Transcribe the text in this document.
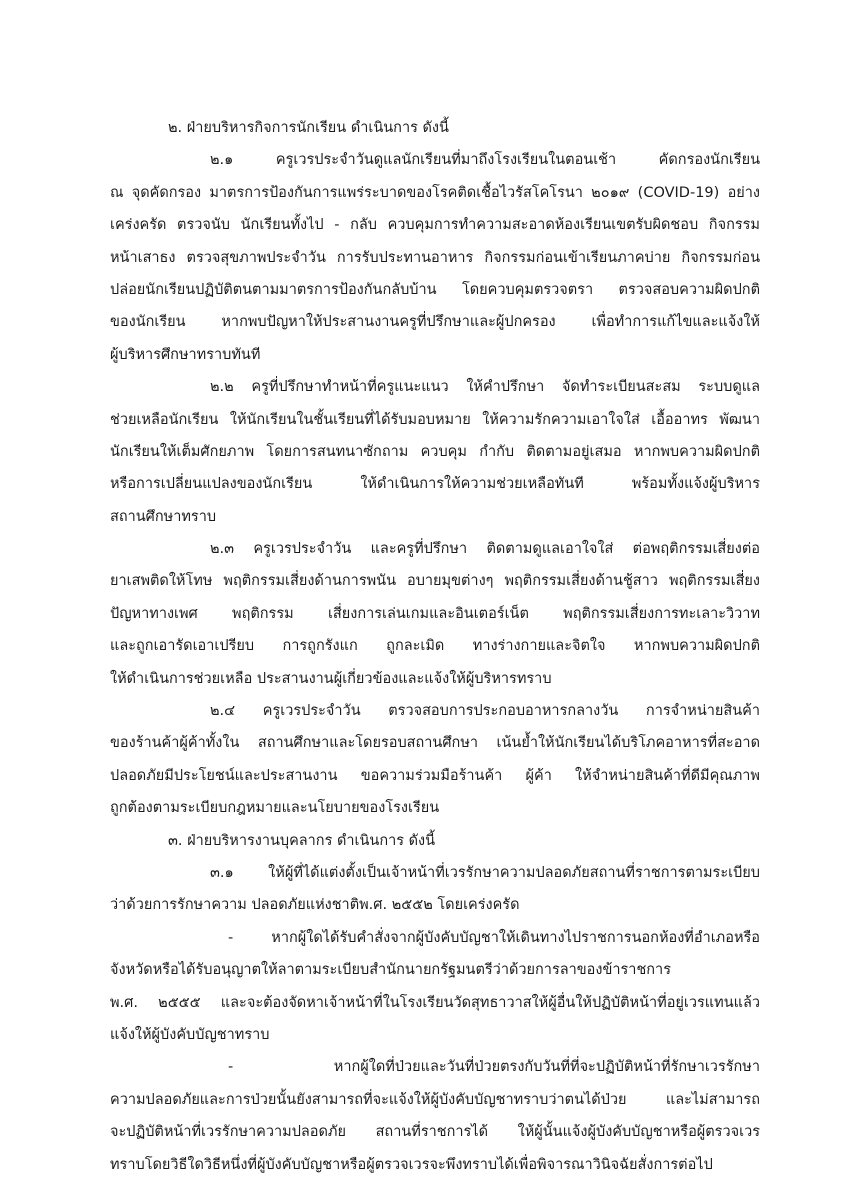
๒. ฝ่ายบริหารกิจการนักเรียน ดำเนินการ ดังนี้
๒.๑ ครูเวรประจำวันดูแลนักเรียนที่มาถึงโรงเรียนในตอนเช้า คัดกรองนักเรียน
ณ จุดคัดกรอง มาตรการป้องกันการแพร่ระบาดของโรคติดเชื้อไวรัสโคโรนา ๒๐๑๙ (COVID-19) อย่าง
เคร่งครัด ตรวจนับ นักเรียนทั้งไป - กลับ ควบคุมการทำความสะอาดห้องเรียนเขตรับผิดชอบ กิจกรรม
หน้าเสาธง ตรวจสุขภาพประจำวัน การรับประทานอาหาร กิจกรรมก่อนเข้าเรียนภาคบ่าย กิจกรรมก่อน
ปล่อยนักเรียนปฏิบัติตนตามมาตรการป้องกันกลับบ้าน โดยควบคุมตรวจตรา ตรวจสอบความผิดปกติ
ของนักเรียน หากพบปัญหาให้ประสานงานครูที่ปรึกษาและผู้ปกครอง เพื่อทำการแก้ไขและแจ้งให้
ผู้บริหารศึกษาทราบทันที
๒.๒ ครูที่ปรึกษาทำหน้าที่ครูแนะแนว ให้คำปรึกษา จัดทำระเบียนสะสม ระบบดูแล
ช่วยเหลือนักเรียน ให้นักเรียนในชั้นเรียนที่ได้รับมอบหมาย ให้ความรักความเอาใจใส่ เอื้ออาทร พัฒนา
นักเรียนให้เต็มศักยภาพ โดยการสนทนาซักถาม ควบคุม กำกับ ติดตามอยู่เสมอ หากพบความผิดปกติ
หรือการเปลี่ยนแปลงของนักเรียน ให้ดำเนินการให้ความช่วยเหลือทันที พร้อมทั้งแจ้งผู้บริหาร
สถานศึกษาทราบ
๒.๓ ครูเวรประจำวัน และครูที่ปรึกษา ติดตามดูแลเอาใจใส่ ต่อพฤติกรรมเสี่ยงต่อ
ยาเสพติดให้โทษ พฤติกรรมเสี่ยงด้านการพนัน อบายมุขต่างๆ พฤติกรรมเสี่ยงด้านชู้สาว พฤติกรรมเสี่ยง
ปัญหาทางเพศ พฤติกรรม เสี่ยงการเล่นเกมและอินเตอร์เน็ต พฤติกรรมเสี่ยงการทะเลาะวิวาท
และถูกเอารัดเอาเปรียบ การถูกรังแก ถูกละเมิด ทางร่างกายและจิตใจ หากพบความผิดปกติ
ให้ดำเนินการช่วยเหลือ ประสานงานผู้เกี่ยวข้องและแจ้งให้ผู้บริหารทราบ
๒.๔ ครูเวรประจำวัน ตรวจสอบการประกอบอาหารกลางวัน การจำหน่ายสินค้า
ของร้านค้าผู้ค้าทั้งใน สถานศึกษาและโดยรอบสถานศึกษา เน้นย้ำให้นักเรียนได้บริโภคอาหารที่สะอาด
ปลอดภัยมีประโยชน์และประสานงาน ขอความร่วมมือร้านค้า ผู้ค้า ให้จำหน่ายสินค้าที่ดีมีคุณภาพ
ถูกต้องตามระเบียบกฎหมายและนโยบายของโรงเรียน
๓. ฝ่ายบริหารงานบุคลากร ดำเนินการ ดังนี้
๓.๑ ให้ผู้ที่ได้แต่งตั้งเป็นเจ้าหน้าที่เวรรักษาความปลอดภัยสถานที่ราชการตามระเบียบ
ว่าด้วยการรักษาความ ปลอดภัยแห่งชาติพ.ศ. ๒๕๕๒ โดยเคร่งครัด
- หากผู้ใดได้รับคำสั่งจากผู้บังคับบัญชาให้เดินทางไปราชการนอกห้องที่อำเภอหรือ
จังหวัดหรือได้รับอนุญาตให้ลาตามระเบียบสำนักนายกรัฐมนตรีว่าด้วยการลาของข้าราชการ
พ.ศ. ๒๕๕๕ และจะต้องจัดหาเจ้าหน้าที่ในโรงเรียนวัดสุทธาวาสให้ผู้อื่นให้ปฏิบัติหน้าที่อยู่เวรแทนแล้ว
แจ้งให้ผู้บังคับบัญชาทราบ
- หากผู้ใดที่ป่วยและวันที่ป่วยตรงกับวันที่ที่จะปฏิบัติหน้าที่รักษาเวรรักษา
ความปลอดภัยและการป่วยนั้นยังสามารถที่จะแจ้งให้ผู้บังคับบัญชาทราบว่าตนได้ป่วย และไม่สามารถ
จะปฏิบัติหน้าที่เวรรักษาความปลอดภัย สถานที่ราชการได้ ให้ผู้นั้นแจ้งผู้บังคับบัญชาหรือผู้ตรวจเวร
ทราบโดยวิธีใดวิธีหนึ่งที่ผู้บังคับบัญชาหรือผู้ตรวจเวรจะพึงทราบได้เพื่อพิจารณาวินิจฉัยสั่งการต่อไป
